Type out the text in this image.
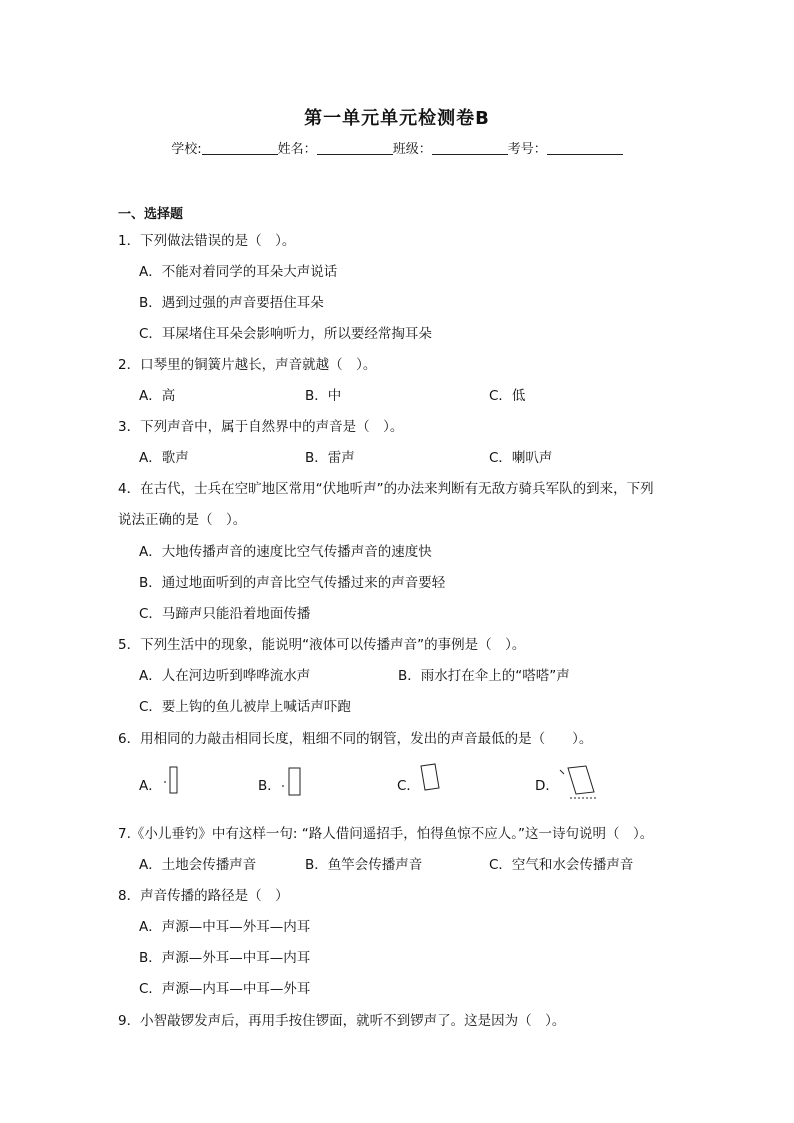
第一单元单元检测卷B
学校:	姓名：	班级：	考号：
一、选择题
1．下列做法错误的是（　）。
A．不能对着同学的耳朵大声说话
B．遇到过强的声音要捂住耳朵
C．耳屎堵住耳朵会影响听力，所以要经常掏耳朵
2．口琴里的铜簧片越长，声音就越（　）。
A．高	B．中	C．低
3．下列声音中，属于自然界中的声音是（　）。
A．歌声	B．雷声	C．喇叭声
4．在古代，士兵在空旷地区常用“伏地听声”的办法来判断有无敌方骑兵军队的到来，下列
说法正确的是（　）。
A．大地传播声音的速度比空气传播声音的速度快
B．通过地面听到的声音比空气传播过来的声音要轻
C．马蹄声只能沿着地面传播
5．下列生活中的现象，能说明“液体可以传播声音”的事例是（　）。
A．人在河边听到哗哗流水声	B．雨水打在伞上的“嗒嗒”声
C．要上钩的鱼儿被岸上喊话声吓跑
6．用相同的力敲击相同长度，粗细不同的钢管，发出的声音最低的是（　　）。
A．	B．	C．	D．
7.《小儿垂钓》中有这样一句: “路人借问遥招手，怕得鱼惊不应人。”这一诗句说明（　）。
A．土地会传播声音	B．鱼竿会传播声音	C．空气和水会传播声音
8．声音传播的路径是（　）
A．声源—中耳—外耳—内耳
B．声源—外耳—中耳—内耳
C．声源—内耳—中耳—外耳
9．小智敲锣发声后，再用手按住锣面，就听不到锣声了。这是因为（　）。
